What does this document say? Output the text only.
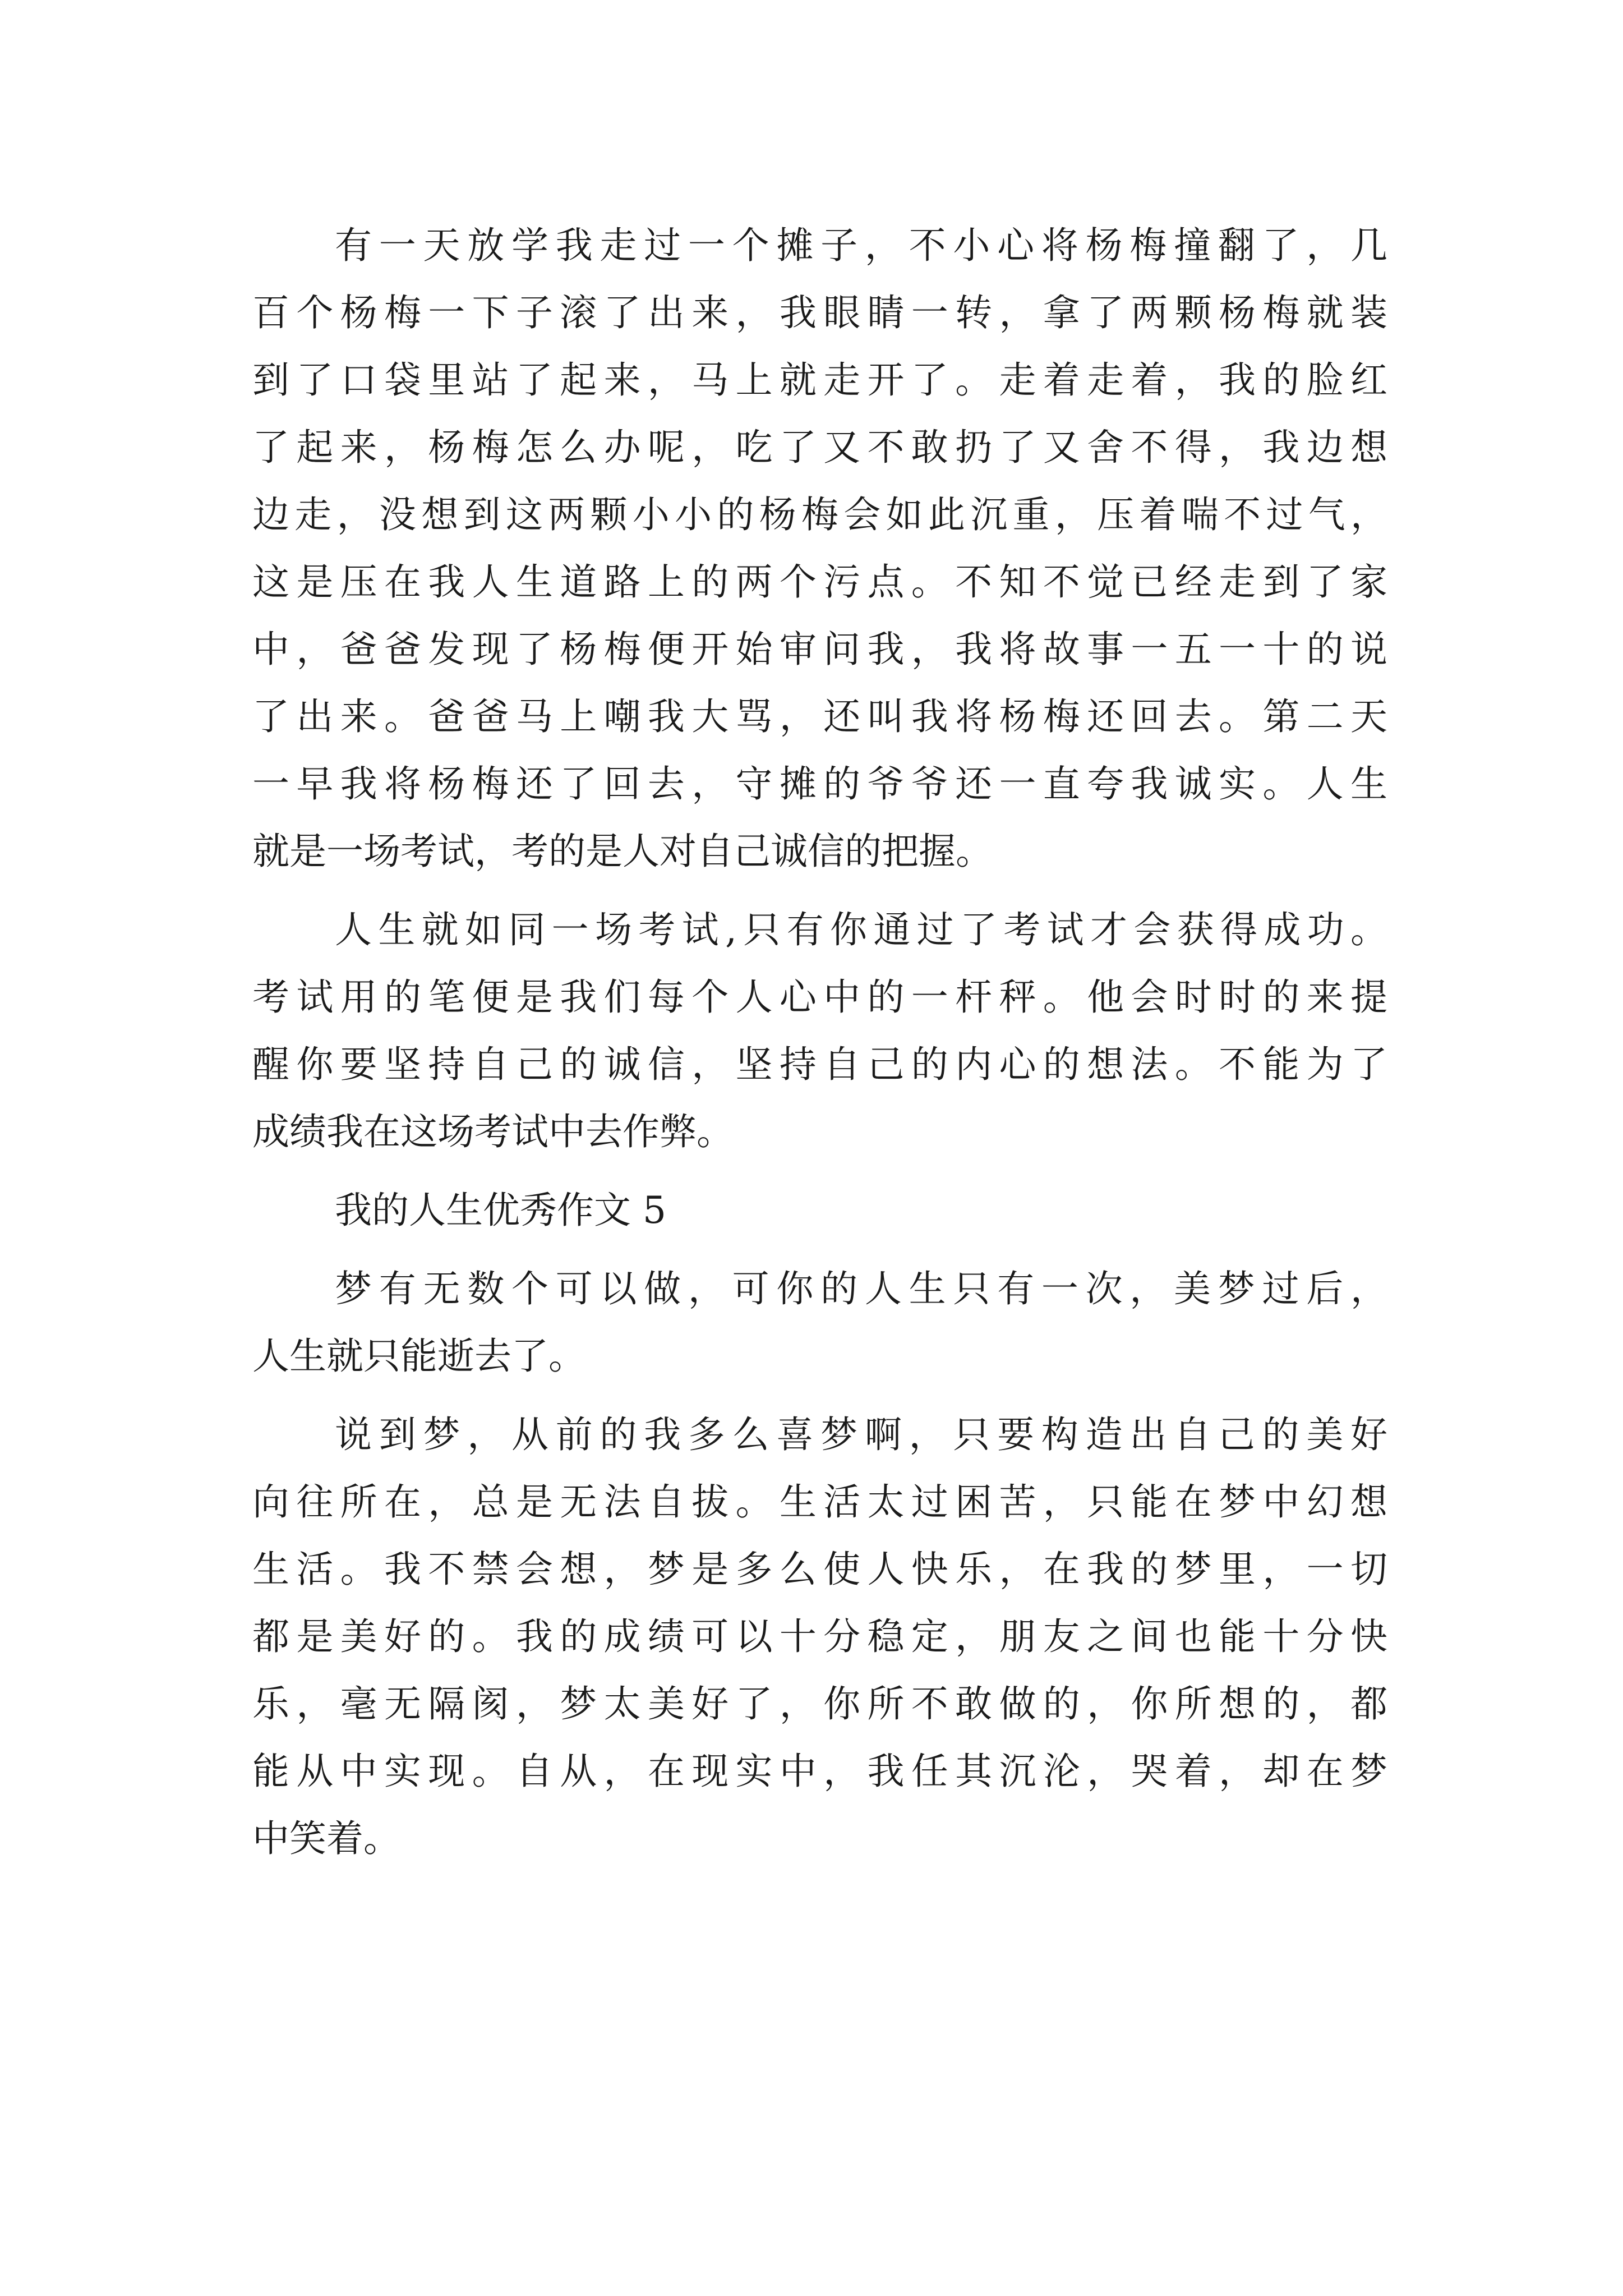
有一天放学我走过一个摊子，不小心将杨梅撞翻了，几
百个杨梅一下子滚了出来，我眼睛一转，拿了两颗杨梅就装
到了口袋里站了起来，马上就走开了。走着走着，我的脸红
了起来，杨梅怎么办呢，吃了又不敢扔了又舍不得，我边想
边走，没想到这两颗小小的杨梅会如此沉重，压着喘不过气，
这是压在我人生道路上的两个污点。不知不觉已经走到了家
中，爸爸发现了杨梅便开始审问我，我将故事一五一十的说
了出来。爸爸马上嘲我大骂，还叫我将杨梅还回去。第二天
一早我将杨梅还了回去，守摊的爷爷还一直夸我诚实。人生
就是一场考试，考的是人对自己诚信的把握。
人生就如同一场考试,只有你通过了考试才会获得成功。
考试用的笔便是我们每个人心中的一杆秤。他会时时的来提
醒你要坚持自己的诚信，坚持自己的内心的想法。不能为了
成绩我在这场考试中去作弊。
我的人生优秀作文 5
梦有无数个可以做，可你的人生只有一次，美梦过后，
人生就只能逝去了。
说到梦，从前的我多么喜梦啊，只要构造出自己的美好
向往所在，总是无法自拔。生活太过困苦，只能在梦中幻想
生活。我不禁会想，梦是多么使人快乐，在我的梦里，一切
都是美好的。我的成绩可以十分稳定，朋友之间也能十分快
乐，毫无隔阂，梦太美好了，你所不敢做的，你所想的，都
能从中实现。自从，在现实中，我任其沉沦，哭着，却在梦
中笑着。
